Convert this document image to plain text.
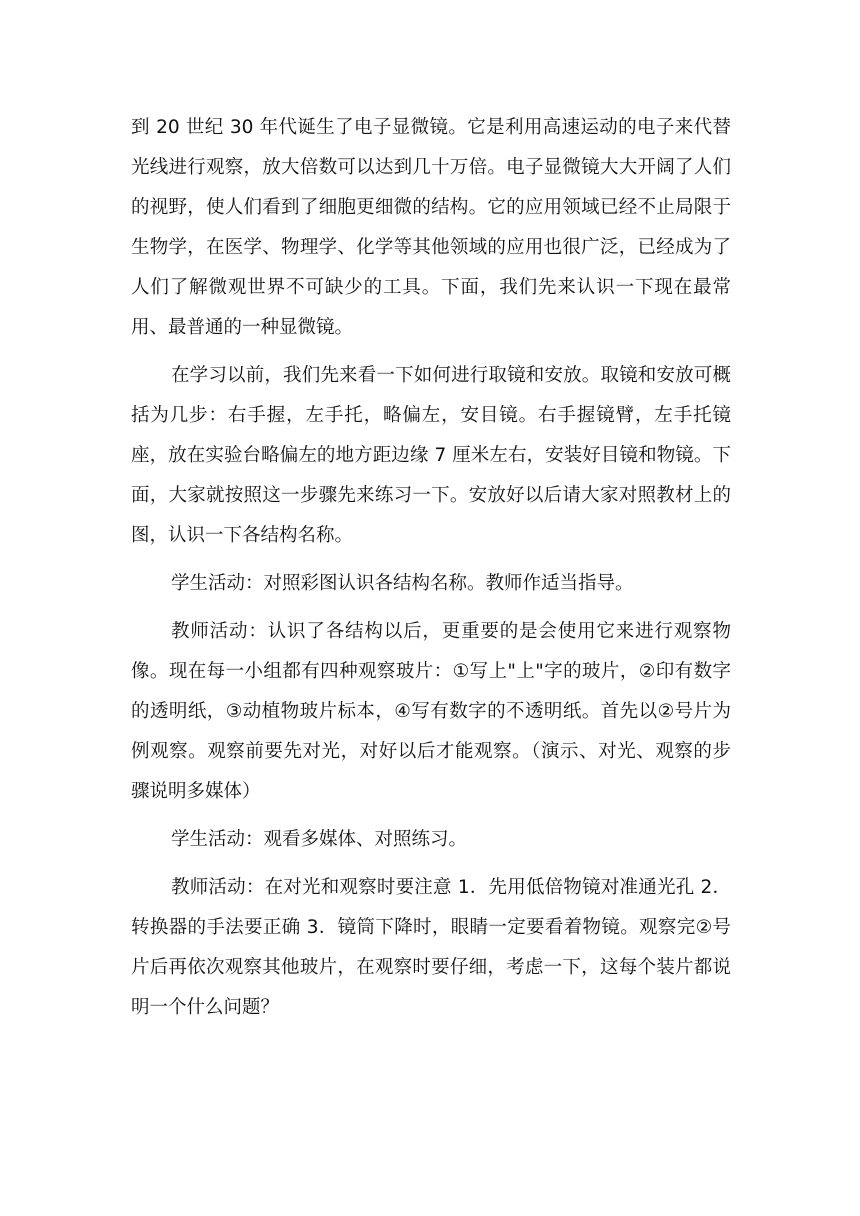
到 20 世纪 30 年代诞生了电子显微镜。它是利用高速运动的电子来代替光线进行观察，放大倍数可以达到几十万倍。电子显微镜大大开阔了人们的视野，使人们看到了细胞更细微的结构。它的应用领域已经不止局限于生物学，在医学、物理学、化学等其他领域的应用也很广泛，已经成为了人们了解微观世界不可缺少的工具。下面，我们先来认识一下现在最常用、最普通的一种显微镜。

在学习以前，我们先来看一下如何进行取镜和安放。取镜和安放可概括为几步：右手握，左手托，略偏左，安目镜。右手握镜臂，左手托镜座，放在实验台略偏左的地方距边缘 7 厘米左右，安装好目镜和物镜。下面，大家就按照这一步骤先来练习一下。安放好以后请大家对照教材上的图，认识一下各结构名称。

学生活动：对照彩图认识各结构名称。教师作适当指导。

教师活动：认识了各结构以后，更重要的是会使用它来进行观察物像。现在每一小组都有四种观察玻片：①写上"上"字的玻片，②印有数字的透明纸，③动植物玻片标本，④写有数字的不透明纸。首先以②号片为例观察。观察前要先对光，对好以后才能观察。（演示、对光、观察的步骤说明多媒体）

学生活动：观看多媒体、对照练习。

教师活动：在对光和观察时要注意 1．先用低倍物镜对准通光孔 2．转换器的手法要正确 3．镜筒下降时，眼睛一定要看着物镜。观察完②号片后再依次观察其他玻片，在观察时要仔细，考虑一下，这每个装片都说明一个什么问题？
